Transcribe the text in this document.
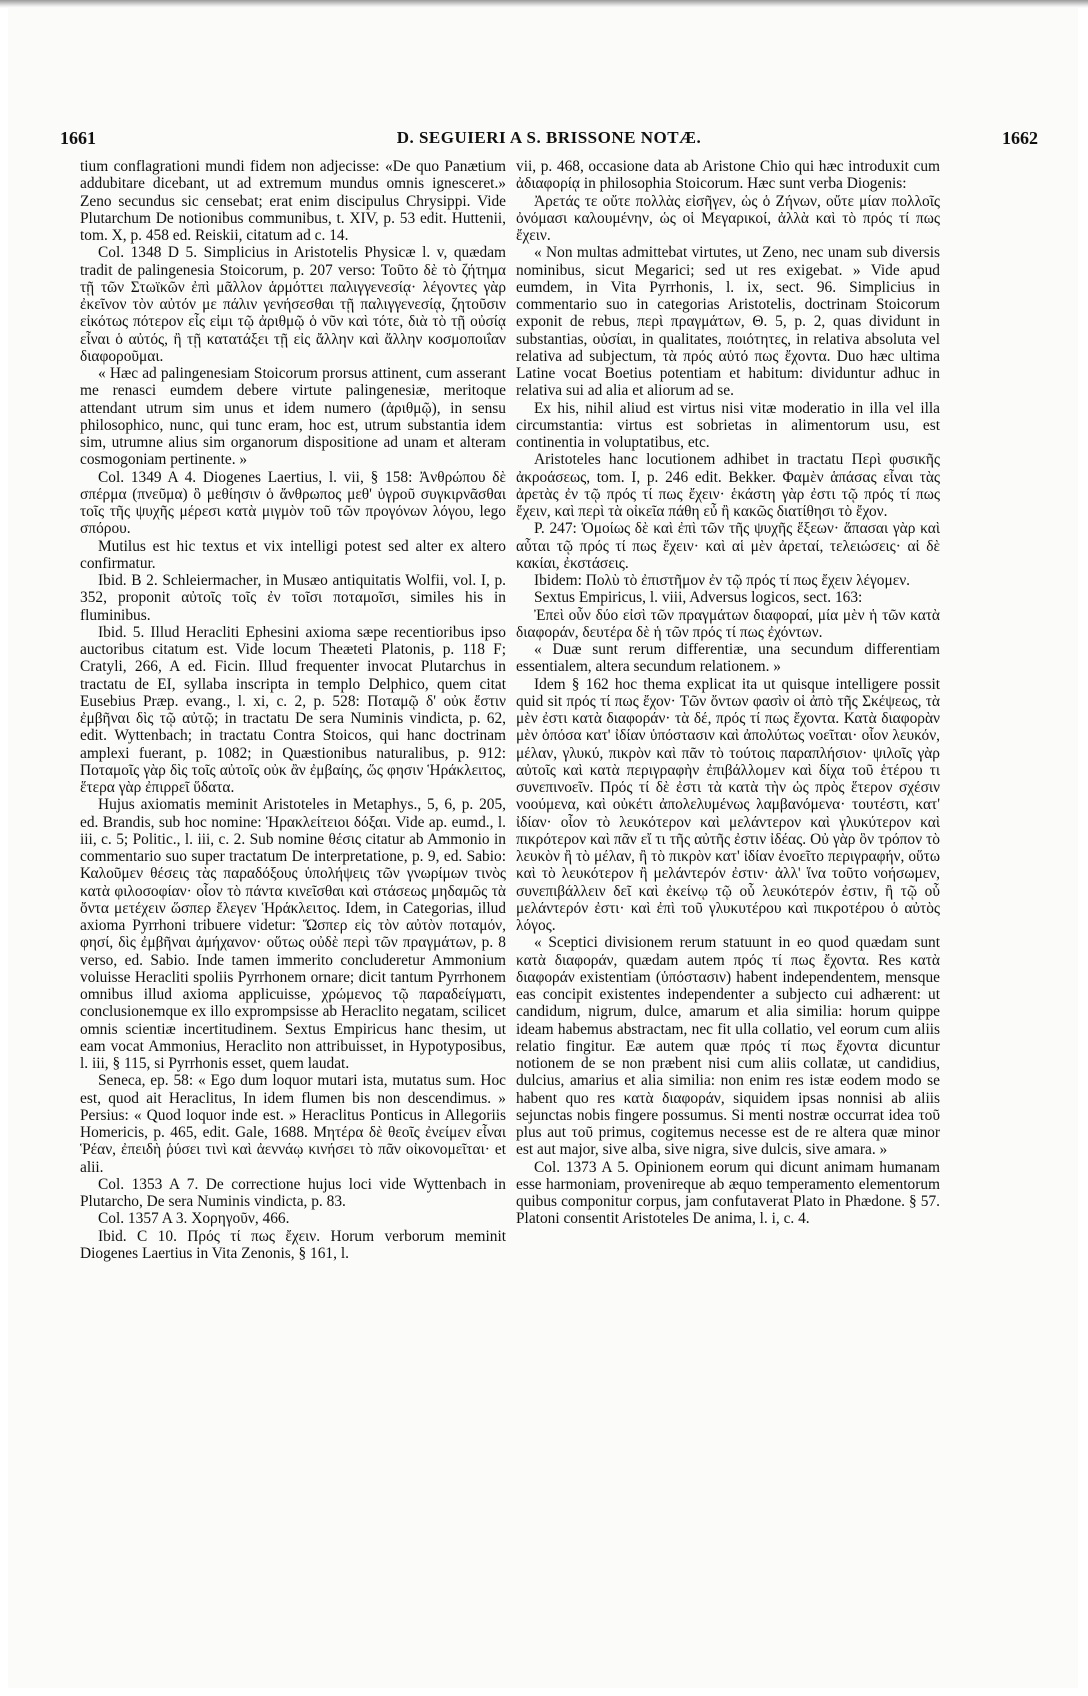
1661	D. SEGUIERI A S. BRISSONE NOTÆ.	1662

tium conflagrationi mundi fidem non adjecisse: «De quo Panætium addubitare dicebant, ut ad extremum mundus omnis ignesceret.» Zeno secundus sic censebat; erat enim discipulus Chrysippi. Vide Plutarchum De notionibus communibus, t. XIV, p. 53 edit. Huttenii, tom. X, p. 458 ed. Reiskii, citatum ad c. 14.

Col. 1348 D 5. Simplicius in Aristotelis Physicæ l. v, quædam tradit de palingenesia Stoicorum, p. 207 verso: Τοῦτο δὲ τὸ ζήτημα τῇ τῶν Στωϊκῶν ἐπὶ μᾶλλον ἁρμόττει παλιγγενεσίᾳ· λέγοντες γὰρ ἐκεῖνον τὸν αὐτόν με πάλιν γενήσεσθαι τῇ παλιγγενεσίᾳ, ζητοῦσιν εἰκότως πότερον εἷς εἰμι τῷ ἀριθμῷ ὁ νῦν καὶ τότε, διὰ τὸ τῇ οὐσίᾳ εἶναι ὁ αὐτός, ἢ τῇ κατατάξει τῇ εἰς ἄλλην καὶ ἄλλην κοσμοποιΐαν διαφοροῦμαι.

« Hæc ad palingenesiam Stoicorum prorsus attinent, cum asserant me renasci eumdem debere virtute palingenesiæ, meritoque attendant utrum sim unus et idem numero (ἀριθμῷ), in sensu philosophico, nunc, qui tunc eram, hoc est, utrum substantia idem sim, utrumne alius sim organorum dispositione ad unam et alteram cosmogoniam pertinente. »

Col. 1349 A 4. Diogenes Laertius, l. vii, § 158: Ἀνθρώπου δὲ σπέρμα (πνεῦμα) ὃ μεθίησιν ὁ ἄνθρωπος μεθ' ὑγροῦ συγκιρνᾶσθαι τοῖς τῆς ψυχῆς μέρεσι κατὰ μιγμὸν τοῦ τῶν προγόνων λόγου, lego σπόρου.

Mutilus est hic textus et vix intelligi potest sed alter ex altero confirmatur.

Ibid. B 2. Schleiermacher, in Musæo antiquitatis Wolfii, vol. I, p. 352, proponit αὐτοῖς τοῖς ἐν τοῖσι ποταμοῖσι, similes his in fluminibus.

Ibid. 5. Illud Heracliti Ephesini axioma sæpe recentioribus ipso auctoribus citatum est. Vide locum Theæteti Platonis, p. 118 F; Cratyli, 266, A ed. Ficin. Illud frequenter invocat Plutarchus in tractatu de EI, syllaba inscripta in templo Delphico, quem citat Eusebius Præp. evang., l. xi, c. 2, p. 528: Ποταμῷ δ' οὐκ ἔστιν ἐμβῆναι δὶς τῷ αὐτῷ; in tractatu De sera Numinis vindicta, p. 62, edit. Wyttenbach; in tractatu Contra Stoicos, qui hanc doctrinam amplexi fuerant, p. 1082; in Quæstionibus naturalibus, p. 912: Ποταμοῖς γὰρ δὶς τοῖς αὐτοῖς οὐκ ἂν ἐμβαίης, ὥς φησιν Ἡράκλειτος, ἕτερα γὰρ ἐπιρρεῖ ὕδατα.

Hujus axiomatis meminit Aristoteles in Metaphys., 5, 6, p. 205, ed. Brandis, sub hoc nomine: Ἡρακλείτειοι δόξαι. Vide ap. eumd., l. iii, c. 5; Politic., l. iii, c. 2. Sub nomine θέσις citatur ab Ammonio in commentario suo super tractatum De interpretatione, p. 9, ed. Sabio: Καλοῦμεν θέσεις τὰς παραδόξους ὑπολήψεις τῶν γνωρίμων τινὸς κατὰ φιλοσοφίαν· οἷον τὸ πάντα κινεῖσθαι καὶ στάσεως μηδαμῶς τὰ ὄντα μετέχειν ὥσπερ ἔλεγεν Ἡράκλειτος. Idem, in Categorias, illud axioma Pyrrhoni tribuere videtur: Ὥσπερ εἰς τὸν αὐτὸν ποταμόν, φησί, δὶς ἐμβῆναι ἀμήχανον· οὕτως οὐδὲ περὶ τῶν πραγμάτων, p. 8 verso, ed. Sabio. Inde tamen immerito concluderetur Ammonium voluisse Heracliti spoliis Pyrrhonem ornare; dicit tantum Pyrrhonem omnibus illud axioma applicuisse, χρώμενος τῷ παραδείγματι, conclusionemque ex illo exprompsisse ab Heraclito negatam, scilicet omnis scientiæ incertitudinem. Sextus Empiricus hanc thesim, ut eam vocat Ammonius, Heraclito non attribuisset, in Hypotyposibus, l. iii, § 115, si Pyrrhonis esset, quem laudat.

Seneca, ep. 58: « Ego dum loquor mutari ista, mutatus sum. Hoc est, quod ait Heraclitus, In idem flumen bis non descendimus. » Persius: « Quod loquor inde est. » Heraclitus Ponticus in Allegoriis Homericis, p. 465, edit. Gale, 1688. Μητέρα δὲ θεοῖς ἐνείμεν εἶναι Ῥέαν, ἐπειδὴ ῥύσει τινὶ καὶ ἀεννάῳ κινήσει τὸ πᾶν οἰκονομεῖται· et alii.

Col. 1353 A 7. De correctione hujus loci vide Wyttenbach in Plutarcho, De sera Numinis vindicta, p. 83.

Col. 1357 A 3. Χορηγοῦν, 466.

Ibid. C 10. Πρός τί πως ἔχειν. Horum verborum meminit Diogenes Laertius in Vita Zenonis, § 161, l.

vii, p. 468, occasione data ab Aristone Chio qui hæc introduxit cum ἀδιαφορίᾳ in philosophia Stoicorum. Hæc sunt verba Diogenis:

Ἀρετάς τε οὔτε πολλὰς εἰσῆγεν, ὡς ὁ Ζήνων, οὔτε μίαν πολλοῖς ὀνόμασι καλουμένην, ὡς οἱ Μεγαρικοί, ἀλλὰ καὶ τὸ πρός τί πως ἔχειν.

« Non multas admittebat virtutes, ut Zeno, nec unam sub diversis nominibus, sicut Megarici; sed ut res exigebat. » Vide apud eumdem, in Vita Pyrrhonis, l. ix, sect. 96. Simplicius in commentario suo in categorias Aristotelis, doctrinam Stoicorum exponit de rebus, περὶ πραγμάτων, Θ. 5, p. 2, quas dividunt in substantias, οὐσίαι, in qualitates, ποιότητες, in relativa absoluta vel relativa ad subjectum, τὰ πρός αὑτό πως ἔχοντα. Duo hæc ultima Latine vocat Boetius potentiam et habitum: dividuntur adhuc in relativa sui ad alia et aliorum ad se.

Ex his, nihil aliud est virtus nisi vitæ moderatio in illa vel illa circumstantia: virtus est sobrietas in alimentorum usu, est continentia in voluptatibus, etc.

Aristoteles hanc locutionem adhibet in tractatu Περὶ φυσικῆς ἀκροάσεως, tom. I, p. 246 edit. Bekker. Φαμὲν ἁπάσας εἶναι τὰς ἀρετὰς ἐν τῷ πρός τί πως ἔχειν· ἑκάστη γὰρ ἐστι τῷ πρός τί πως ἔχειν, καὶ περὶ τὰ οἰκεῖα πάθη εὖ ἢ κακῶς διατίθησι τὸ ἔχον.

P. 247: Ὁμοίως δὲ καὶ ἐπὶ τῶν τῆς ψυχῆς ἕξεων· ἅπασαι γὰρ καὶ αὗται τῷ πρός τί πως ἔχειν· καὶ αἱ μὲν ἀρεταί, τελειώσεις· αἱ δὲ κακίαι, ἐκστάσεις.

Ibidem: Πολὺ τὸ ἐπιστῆμον ἐν τῷ πρός τί πως ἔχειν λέγομεν.

Sextus Empiricus, l. viii, Adversus logicos, sect. 163:

Ἐπεὶ οὖν δύο εἰσὶ τῶν πραγμάτων διαφοραί, μία μὲν ἡ τῶν κατὰ διαφοράν, δευτέρα δὲ ἡ τῶν πρός τί πως ἐχόντων.

« Duæ sunt rerum differentiæ, una secundum differentiam essentialem, altera secundum relationem. »

Idem § 162 hoc thema explicat ita ut quisque intelligere possit quid sit πρός τί πως ἔχον· Τῶν ὄντων φασὶν οἱ ἀπὸ τῆς Σκέψεως, τὰ μὲν ἐστι κατὰ διαφοράν· τὰ δέ, πρός τί πως ἔχοντα. Κατὰ διαφορὰν μὲν ὁπόσα κατ' ἰδίαν ὑπόστασιν καὶ ἀπολύτως νοεῖται· οἷον λευκόν, μέλαν, γλυκύ, πικρὸν καὶ πᾶν τὸ τούτοις παραπλήσιον· ψιλοῖς γὰρ αὐτοῖς καὶ κατὰ περιγραφὴν ἐπιβάλλομεν καὶ δίχα τοῦ ἑτέρου τι συνεπινοεῖν. Πρός τί δὲ ἐστι τὰ κατὰ τὴν ὡς πρὸς ἕτερον σχέσιν νοούμενα, καὶ οὐκέτι ἀπολελυμένως λαμβανόμενα· τουτέστι, κατ' ἰδίαν· οἷον τὸ λευκότερον καὶ μελάντερον καὶ γλυκύτερον καὶ πικρότερον καὶ πᾶν εἴ τι τῆς αὐτῆς ἐστιν ἰδέας. Οὐ γὰρ ὃν τρόπον τὸ λευκὸν ἢ τὸ μέλαν, ἢ τὸ πικρὸν κατ' ἰδίαν ἐνοεῖτο περιγραφήν, οὕτω καὶ τὸ λευκότερον ἢ μελάντερόν ἐστιν· ἀλλ' ἵνα τοῦτο νοήσωμεν, συνεπιβάλλειν δεῖ καὶ ἐκείνῳ τῷ οὗ λευκότερόν ἐστιν, ἢ τῷ οὗ μελάντερόν ἐστι· καὶ ἐπὶ τοῦ γλυκυτέρου καὶ πικροτέρου ὁ αὐτὸς λόγος.

« Sceptici divisionem rerum statuunt in eo quod quædam sunt κατὰ διαφοράν, quædam autem πρός τί πως ἔχοντα. Res κατὰ διαφοράν existentiam (ὑπόστασιν) habent independentem, mensque eas concipit existentes independenter a subjecto cui adhærent: ut candidum, nigrum, dulce, amarum et alia similia: horum quippe ideam habemus abstractam, nec fit ulla collatio, vel eorum cum aliis relatio fingitur. Eæ autem quæ πρός τί πως ἔχοντα dicuntur notionem de se non præbent nisi cum aliis collatæ, ut candidius, dulcius, amarius et alia similia: non enim res istæ eodem modo se habent quo res κατὰ διαφοράν, siquidem ipsas nonnisi ab aliis sejunctas nobis fingere possumus. Si menti nostræ occurrat idea τοῦ plus aut τοῦ primus, cogitemus necesse est de re altera quæ minor est aut major, sive alba, sive nigra, sive dulcis, sive amara. »

Col. 1373 A 5. Opinionem eorum qui dicunt animam humanam esse harmoniam, provenireque ab æquo temperamento elementorum quibus componitur corpus, jam confutaverat Plato in Phædone. § 57. Platoni consentit Aristoteles De anima, l. i, c. 4.
